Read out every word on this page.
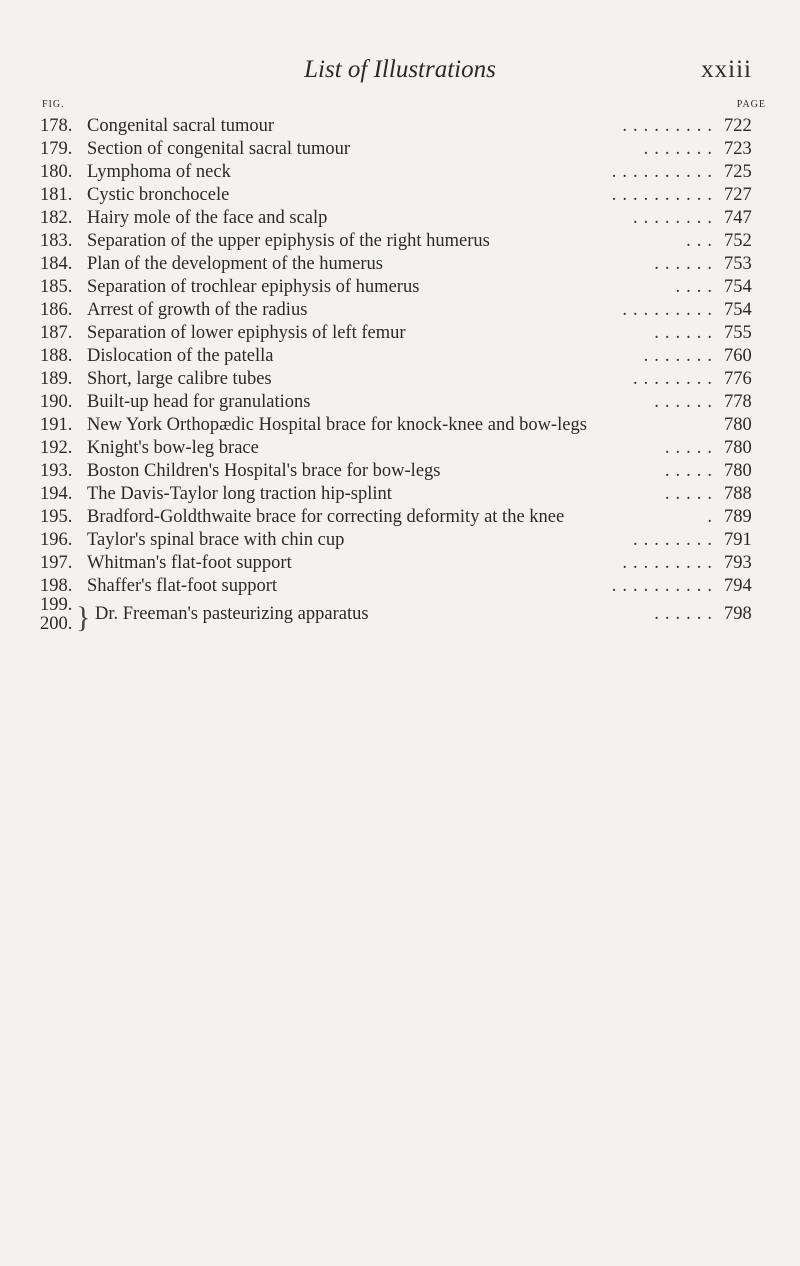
List of Illustrations	xxiii
FIG.	PAGE
178. Congenital sacral tumour	......... 722
179. Section of congenital sacral tumour	....... 723
180. Lymphoma of neck	.......... 725
181. Cystic bronchocele	.......... 727
182. Hairy mole of the face and scalp	........ 747
183. Separation of the upper epiphysis of the right humerus	... 752
184. Plan of the development of the humerus	...... 753
185. Separation of trochlear epiphysis of humerus	.... 754
186. Arrest of growth of the radius	......... 754
187. Separation of lower epiphysis of left femur	...... 755
188. Dislocation of the patella	....... 760
189. Short, large calibre tubes	........ 776
190. Built-up head for granulations	...... 778
191. New York Orthopædic Hospital brace for knock-knee and bow-legs	780
192. Knight's bow-leg brace	..... 780
193. Boston Children's Hospital's brace for bow-legs	..... 780
194. The Davis-Taylor long traction hip-splint	..... 788
195. Bradford-Goldthwaite brace for correcting deformity at the knee	. 789
196. Taylor's spinal brace with chin cup	........ 791
197. Whitman's flat-foot support	......... 793
198. Shaffer's flat-foot support	.......... 794
199.
200. } Dr. Freeman's pasteurizing apparatus	...... 798
